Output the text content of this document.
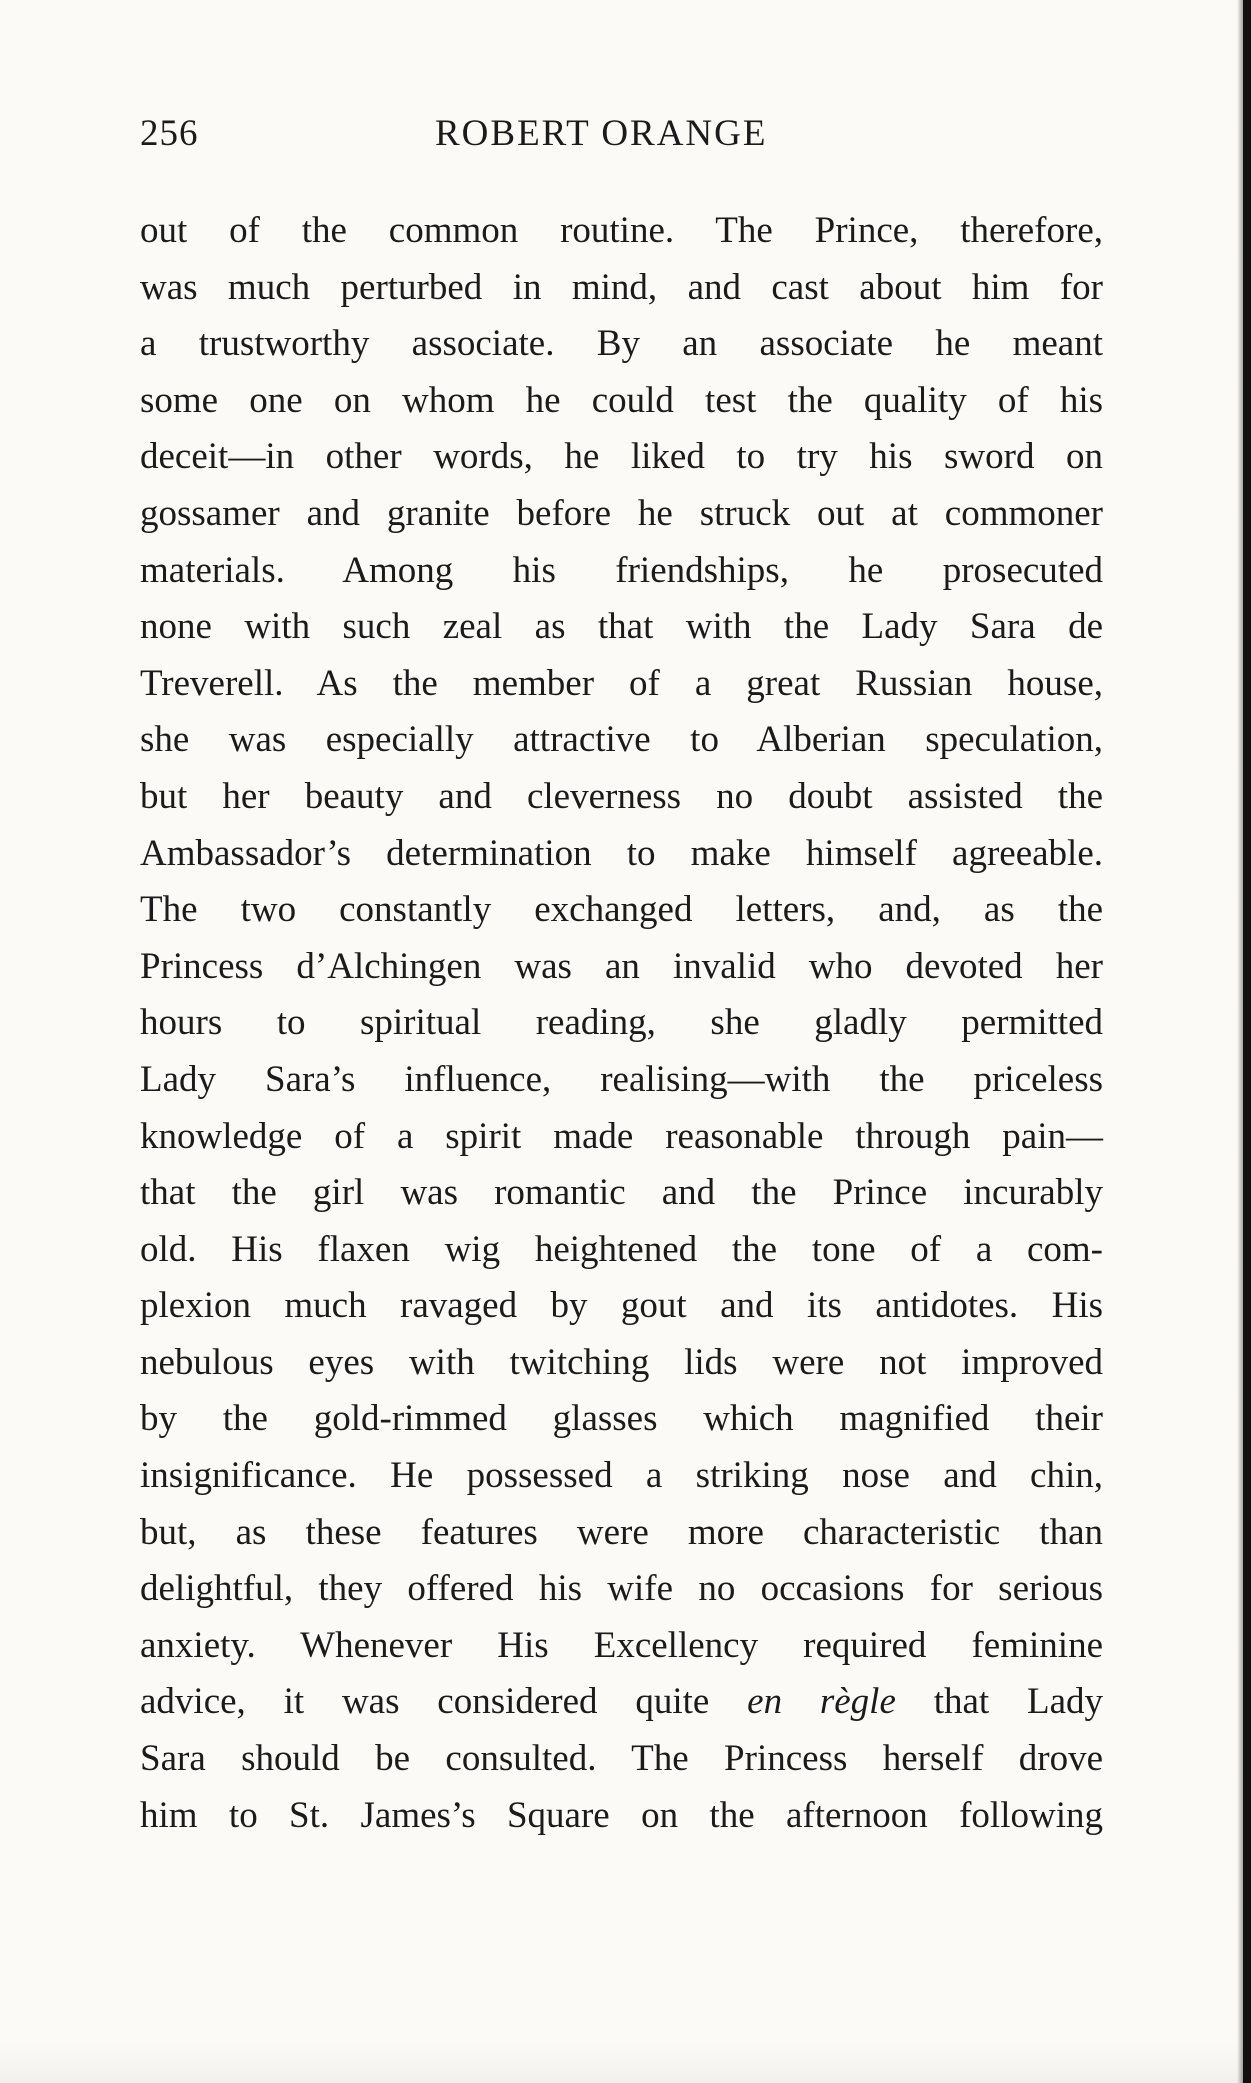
256	ROBERT ORANGE
out of the common routine. The Prince, therefore,
was much perturbed in mind, and cast about him for
a trustworthy associate. By an associate he meant
some one on whom he could test the quality of his
deceit—in other words, he liked to try his sword on
gossamer and granite before he struck out at commoner
materials. Among his friendships, he prosecuted
none with such zeal as that with the Lady Sara de
Treverell. As the member of a great Russian house,
she was especially attractive to Alberian speculation,
but her beauty and cleverness no doubt assisted the
Ambassador’s determination to make himself agreeable.
The two constantly exchanged letters, and, as the
Princess d’Alchingen was an invalid who devoted her
hours to spiritual reading, she gladly permitted
Lady Sara’s influence, realising—with the priceless
knowledge of a spirit made reasonable through pain—
that the girl was romantic and the Prince incurably
old. His flaxen wig heightened the tone of a com-
plexion much ravaged by gout and its antidotes. His
nebulous eyes with twitching lids were not improved
by the gold-rimmed glasses which magnified their
insignificance. He possessed a striking nose and chin,
but, as these features were more characteristic than
delightful, they offered his wife no occasions for serious
anxiety. Whenever His Excellency required feminine
advice, it was considered quite en règle that Lady
Sara should be consulted. The Princess herself drove
him to St. James’s Square on the afternoon following
